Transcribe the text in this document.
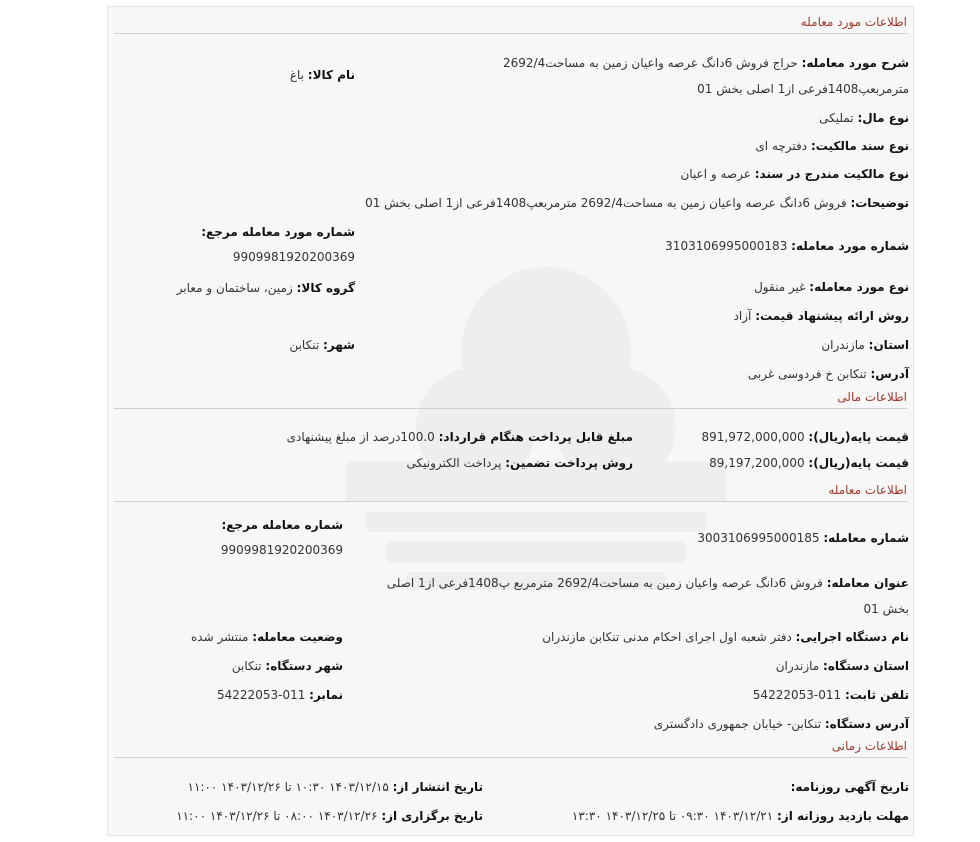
اطلاعات مورد معامله
شرح مورد معامله: حراج فروش 6دانگ عرصه واعیان زمین به مساحت2692/4 مترمربعپ1408فرعی از1 اصلی بخش 01
نام کالا: باغ
نوع مال: تملیکی
نوع سند مالکیت: دفترچه ای
نوع مالکیت مندرج در سند: عرصه و اعیان
توضیحات: فروش 6دانگ عرصه واعیان زمین به مساحت2692/4 مترمربعپ1408فرعی از1 اصلی بخش 01
شماره مورد معامله مرجع:
9909981920200369
شماره مورد معامله: 3103106995000183
نوع مورد معامله: غیر منقول
گروه کالا: زمین، ساختمان و معابر
روش ارائه پیشنهاد قیمت: آزاد
استان: مازندران
شهر: تنکابن
آدرس: تنکابن خ فردوسی غربی
اطلاعات مالی
قیمت پایه(ریال): 891,972,000,000
مبلغ قابل پرداخت هنگام قرارداد: 100.0درصد از مبلغ پیشنهادی
قیمت پایه(ریال): 89,197,200,000
روش پرداخت تضمین: پرداخت الکترونیکی
اطلاعات معامله
شماره معامله مرجع:
9909981920200369
شماره معامله: 3003106995000185
عنوان معامله: فروش 6دانگ عرصه واعیان زمین به مساحت2692/4 مترمربع پ1408فرعی از1 اصلی بخش 01
نام دستگاه اجرایی: دفتر شعبه اول اجرای احکام مدنی تنکابن مازندران
وضعیت معامله: منتشر شده
استان دستگاه: مازندران
شهر دستگاه: تنکابن
تلفن ثابت: 011-54222053
نمابر: 011-54222053
آدرس دستگاه: تنکابن- خیابان جمهوری دادگستری
اطلاعات زمانی
تاریخ آگهی روزنامه:
تاریخ انتشار از: ۱۴۰۳/۱۲/۱۵ ۱۰:۳۰ تا ۱۴۰۳/۱۲/۲۶ ۱۱:۰۰
مهلت بازدید روزانه از: ۱۴۰۳/۱۲/۲۱ ۰۹:۳۰ تا ۱۴۰۳/۱۲/۲۵ ۱۳:۳۰
تاریخ برگزاری از: ۱۴۰۳/۱۲/۲۶ ۰۸:۰۰ تا ۱۴۰۳/۱۲/۲۶ ۱۱:۰۰
